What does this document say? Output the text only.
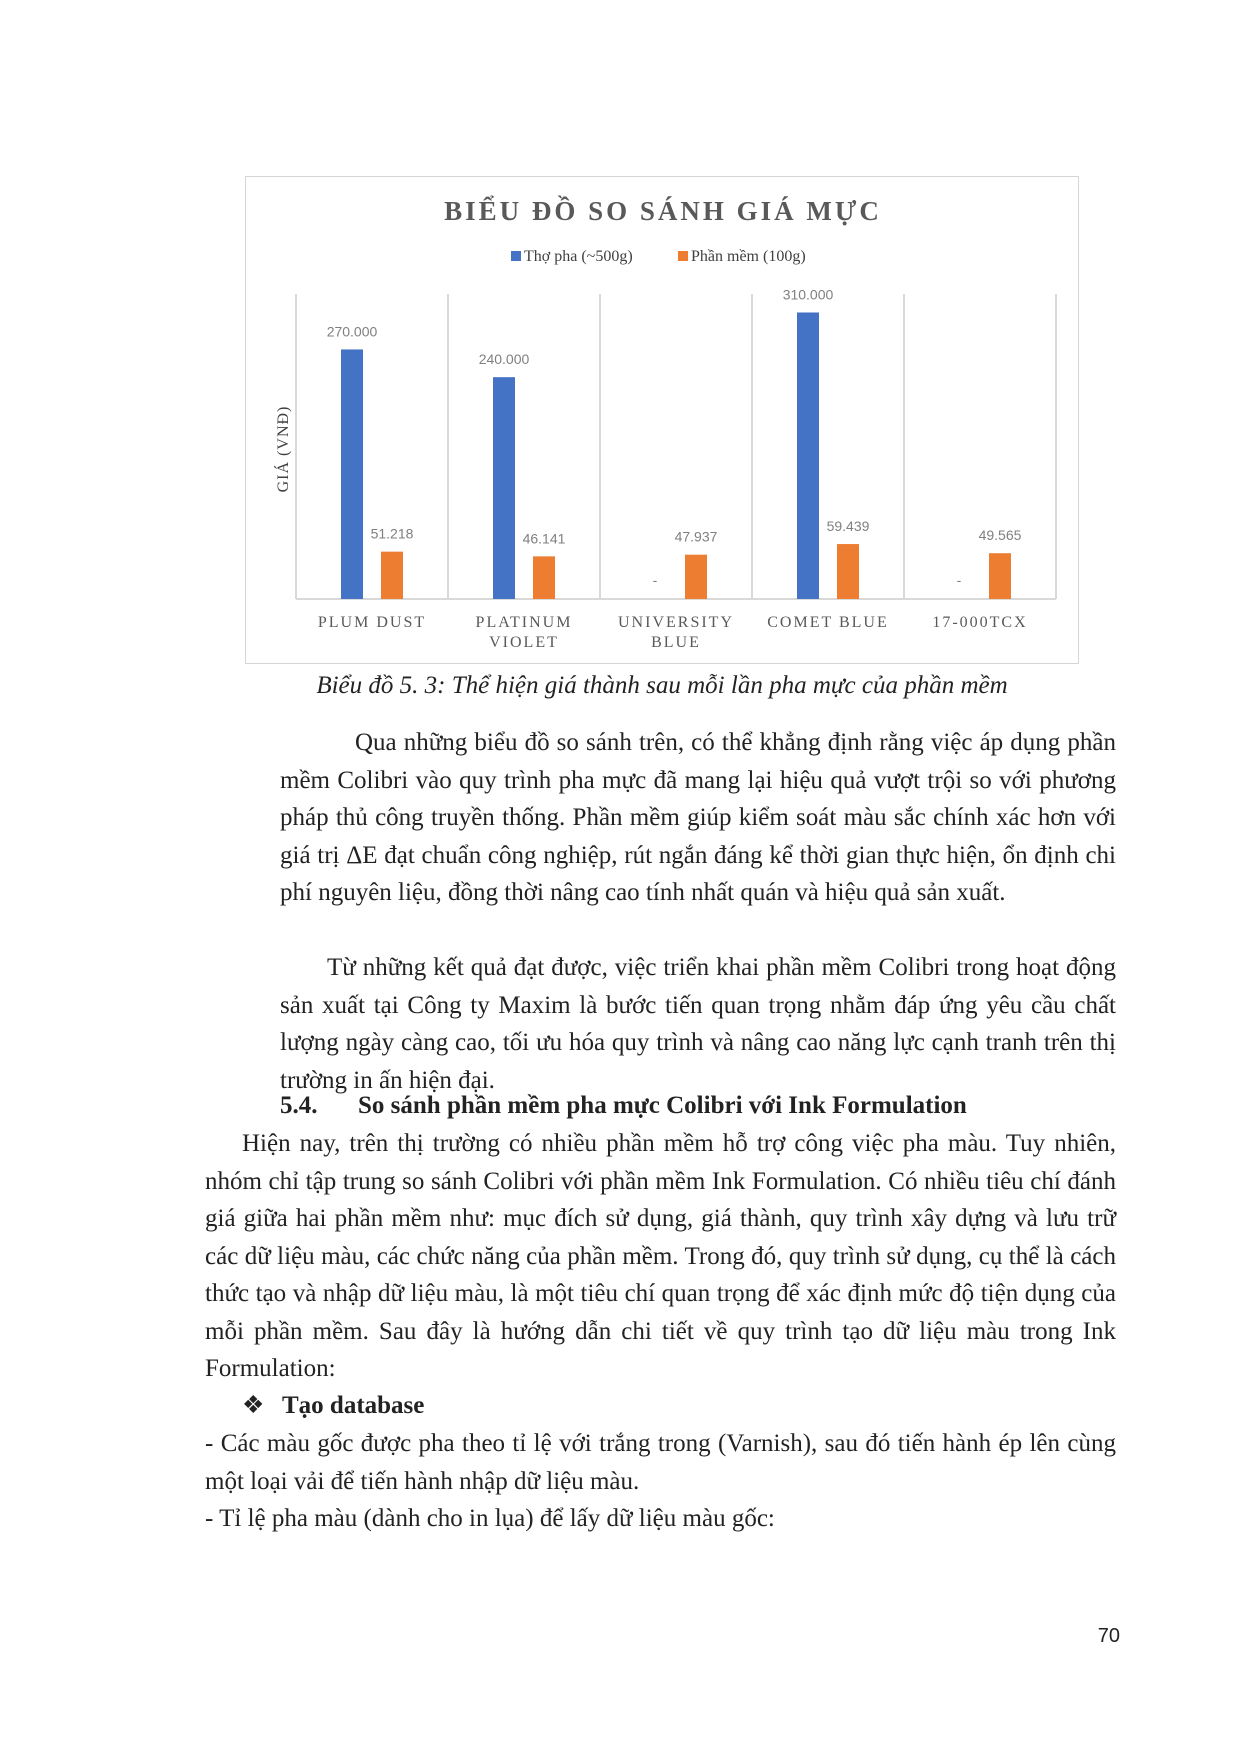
BIỂU ĐỒ SO SÁNH GIÁ MỰC
Thợ pha (~500g)	Phần mềm (100g)
GIÁ (VNĐ)
270.000
51.218
PLUM DUST
240.000
46.141
PLATINUM
VIOLET
-
47.937
UNIVERSITY
BLUE
310.000
59.439
COMET BLUE
-
49.565
17-000TCX
Biểu đồ 5. 3: Thể hiện giá thành sau mỗi lần pha mực của phần mềm

Qua những biểu đồ so sánh trên, có thể khẳng định rằng việc áp dụng phần mềm Colibri vào quy trình pha mực đã mang lại hiệu quả vượt trội so với phương pháp thủ công truyền thống. Phần mềm giúp kiểm soát màu sắc chính xác hơn với giá trị ΔE đạt chuẩn công nghiệp, rút ngắn đáng kể thời gian thực hiện, ổn định chi phí nguyên liệu, đồng thời nâng cao tính nhất quán và hiệu quả sản xuất.

Từ những kết quả đạt được, việc triển khai phần mềm Colibri trong hoạt động sản xuất tại Công ty Maxim là bước tiến quan trọng nhằm đáp ứng yêu cầu chất lượng ngày càng cao, tối ưu hóa quy trình và nâng cao năng lực cạnh tranh trên thị trường in ấn hiện đại.

5.4. So sánh phần mềm pha mực Colibri với Ink Formulation

Hiện nay, trên thị trường có nhiều phần mềm hỗ trợ công việc pha màu. Tuy nhiên, nhóm chỉ tập trung so sánh Colibri với phần mềm Ink Formulation. Có nhiều tiêu chí đánh giá giữa hai phần mềm như: mục đích sử dụng, giá thành, quy trình xây dựng và lưu trữ các dữ liệu màu, các chức năng của phần mềm. Trong đó, quy trình sử dụng, cụ thể là cách thức tạo và nhập dữ liệu màu, là một tiêu chí quan trọng để xác định mức độ tiện dụng của mỗi phần mềm. Sau đây là hướng dẫn chi tiết về quy trình tạo dữ liệu màu trong Ink Formulation:

❖ Tạo database

- Các màu gốc được pha theo tỉ lệ với trắng trong (Varnish), sau đó tiến hành ép lên cùng một loại vải để tiến hành nhập dữ liệu màu.

- Tỉ lệ pha màu (dành cho in lụa) để lấy dữ liệu màu gốc:

70
